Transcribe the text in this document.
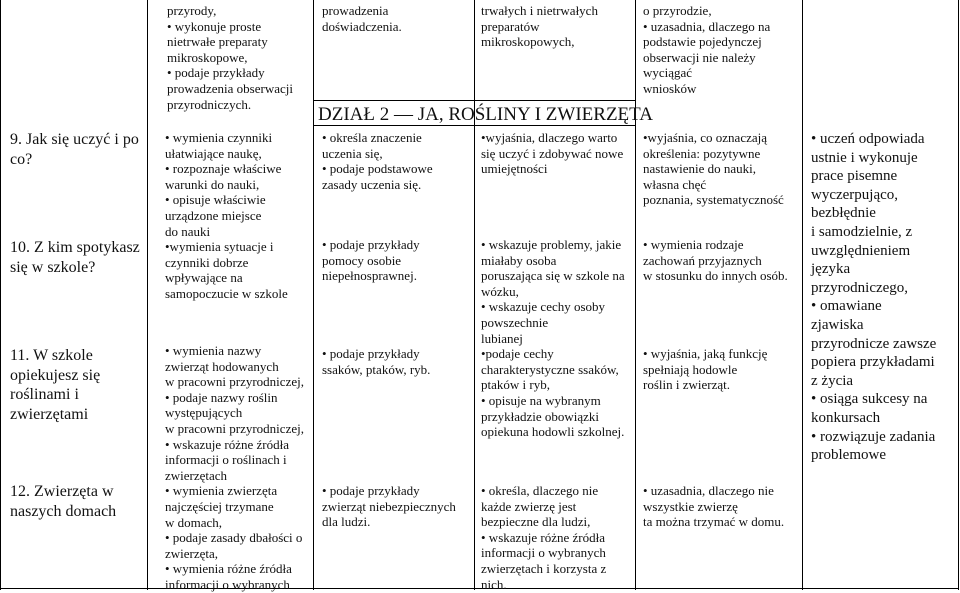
9. Jak się uczyć i po co?
10. Z kim spotykasz się w szkole?
11. W szkole opiekujesz się roślinami i zwierzętami
12. Zwierzęta w naszych domach
przyrody,
• wykonuje proste
nietrwałe preparaty
mikroskopowe,
• podaje przykłady
prowadzenia obserwacji
przyrodniczych.
• wymienia czynniki
ułatwiające naukę,
• rozpoznaje właściwe
warunki do nauki,
• opisuje właściwie
urządzone miejsce
do nauki
•wymienia sytuacje i
czynniki dobrze
wpływające na
samopoczucie w szkole
• wymienia nazwy
zwierząt hodowanych
w pracowni przyrodniczej,
• podaje nazwy roślin
występujących
w pracowni przyrodniczej,
• wskazuje różne źródła
informacji o roślinach i
zwierzętach
• wymienia zwierzęta
najczęściej trzymane
w domach,
• podaje zasady dbałości o
zwierzęta,
• wymienia różne źródła
informacji o wybranych
prowadzenia
doświadczenia.
DZIAŁ 2 — JA, ROŚLINY I ZWIERZĘTA
• określa znaczenie
uczenia się,
• podaje podstawowe
zasady uczenia się.
• podaje przykłady
pomocy osobie
niepełnosprawnej.
• podaje przykłady
ssaków, ptaków, ryb.
• podaje przykłady
zwierząt niebezpiecznych
dla ludzi.
trwałych i nietrwałych
preparatów
mikroskopowych,
•wyjaśnia, dlaczego warto
się uczyć i zdobywać nowe
umiejętności
• wskazuje problemy, jakie
miałaby osoba
poruszająca się w szkole na
wózku,
• wskazuje cechy osoby
powszechnie
lubianej
•podaje cechy
charakterystyczne ssaków,
ptaków i ryb,
• opisuje na wybranym
przykładzie obowiązki
opiekuna hodowli szkolnej.
• określa, dlaczego nie
każde zwierzę jest
bezpieczne dla ludzi,
• wskazuje różne źródła
informacji o wybranych
zwierzętach i korzysta z
nich.
o przyrodzie,
• uzasadnia, dlaczego na
podstawie pojedynczej
obserwacji nie należy
wyciągać
wniosków
•wyjaśnia, co oznaczają
określenia: pozytywne
nastawienie do nauki,
własna chęć
poznania, systematyczność
• wymienia rodzaje
zachowań przyjaznych
w stosunku do innych osób.
• wyjaśnia, jaką funkcję
spełniają hodowle
roślin i zwierząt.
• uzasadnia, dlaczego nie
wszystkie zwierzę
ta można trzymać w domu.
• uczeń odpowiada
ustnie i wykonuje
prace pisemne
wyczerpująco,
bezbłędnie
i samodzielnie, z
uwzględnieniem
języka
przyrodniczego,
• omawiane
zjawiska
przyrodnicze zawsze
popiera przykładami
z życia
• osiąga sukcesy na
konkursach
• rozwiązuje zadania
problemowe
